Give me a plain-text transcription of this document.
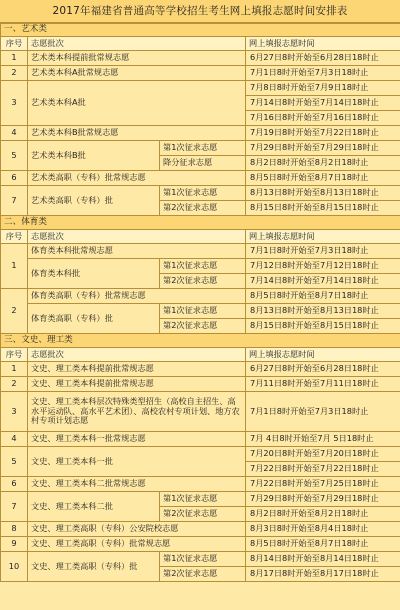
2017年福建省普通高等学校招生考生网上填报志愿时间安排表
一、艺术类			
序号	志愿批次		网上填报志愿时间
1	艺术类本科提前批常规志愿		6月27日8时开始至6月28日18时止
2	艺术类本科A批常规志愿		7月1日8时开始至7月3日18时止
3	艺术类本科A批		7月8日8时开始至7月9日18时止
			7月14日8时开始至7月14日18时止
			7月16日8时开始至7月16日18时止
4	艺术类本科B批常规志愿		7月19日8时开始至7月22日18时止
5	艺术类本科B批	第1次征求志愿	7月29日8时开始至7月29日18时止
		降分征求志愿	8月2日8时开始至8月2日18时止
6	艺术类高职（专科）批常规志愿		8月5日8时开始至8月7日18时止
7	艺术类高职（专科）批	第1次征求志愿	8月13日8时开始至8月13日18时止
		第2次征求志愿	8月15日8时开始至8月15日18时止
二、体育类			
序号	志愿批次		网上填报志愿时间
1	体育类本科批常规志愿		7月1日8时开始至7月3日18时止
	体育类本科批	第1次征求志愿	7月12日8时开始至7月12日18时止
		第2次征求志愿	7月14日8时开始至7月14日18时止
2	体育类高职（专科）批常规志愿		8月5日8时开始至8月7日18时止
	体育类高职（专科）批	第1次征求志愿	8月13日8时开始至8月13日18时止
		第2次征求志愿	8月15日8时开始至8月15日18时止
三、文史、理工类			
序号	志愿批次		网上填报志愿时间
1	文史、理工类本科提前批常规志愿		6月27日8时开始至6月28日18时止
2	文史、理工类本科提前批常规志愿		7月11日8时开始至7月11日18时止
3	文史、理工类本科层次特殊类型招生（高校自主招生、高水平运动队、高水平艺术团）、高校农村专项计划、地方农村专项计划志愿		7月1日8时开始至7月3日18时止
4	文史、理工类本科一批常规志愿		7月 4日8时开始至7月 5日18时止
5	文史、理工类本科一批		7月20日8时开始至7月20日18时止
			7月22日8时开始至7月22日18时止
6	文史、理工类本科二批常规志愿		7月22日8时开始至7月25日18时止
7	文史、理工类本科二批	第1次征求志愿	7月29日8时开始至7月29日18时止
		第2次征求志愿	8月2日8时开始至8月2日18时止
8	文史、理工类高职（专科）公安院校志愿		8月3日8时开始至8月4日18时止
9	文史、理工类高职（专科）批常规志愿		8月5日8时开始至8月7日18时止
10	文史、理工类高职（专科）批	第1次征求志愿	8月14日8时开始至8月14日18时止
		第2次征求志愿	8月17日8时开始至8月17日18时止
